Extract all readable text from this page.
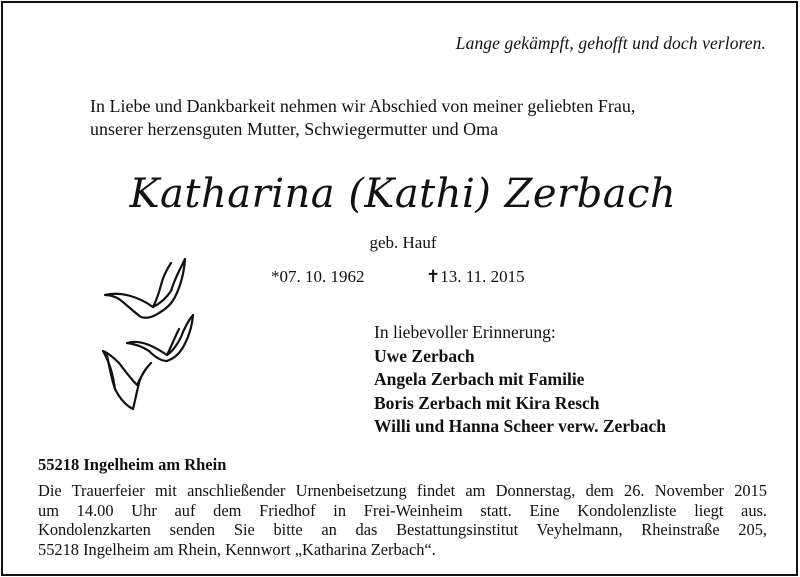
Lange gekämpft, gehofft und doch verloren.
In Liebe und Dankbarkeit nehmen wir Abschied von meiner geliebten Frau,
unserer herzensguten Mutter, Schwiegermutter und Oma
Katharina (Kathi) Zerbach
geb. Hauf
*07. 10. 1962	✝13. 11. 2015
In liebevoller Erinnerung:
Uwe Zerbach
Angela Zerbach mit Familie
Boris Zerbach mit Kira Resch
Willi und Hanna Scheer verw. Zerbach
55218 Ingelheim am Rhein
Die Trauerfeier mit anschließender Urnenbeisetzung findet am Donnerstag, dem 26. November 2015
um 14.00 Uhr auf dem Friedhof in Frei-Weinheim statt. Eine Kondolenzliste liegt aus.
Kondolenzkarten senden Sie bitte an das Bestattungsinstitut Veyhelmann, Rheinstraße 205,
55218 Ingelheim am Rhein, Kennwort „Katharina Zerbach“.
